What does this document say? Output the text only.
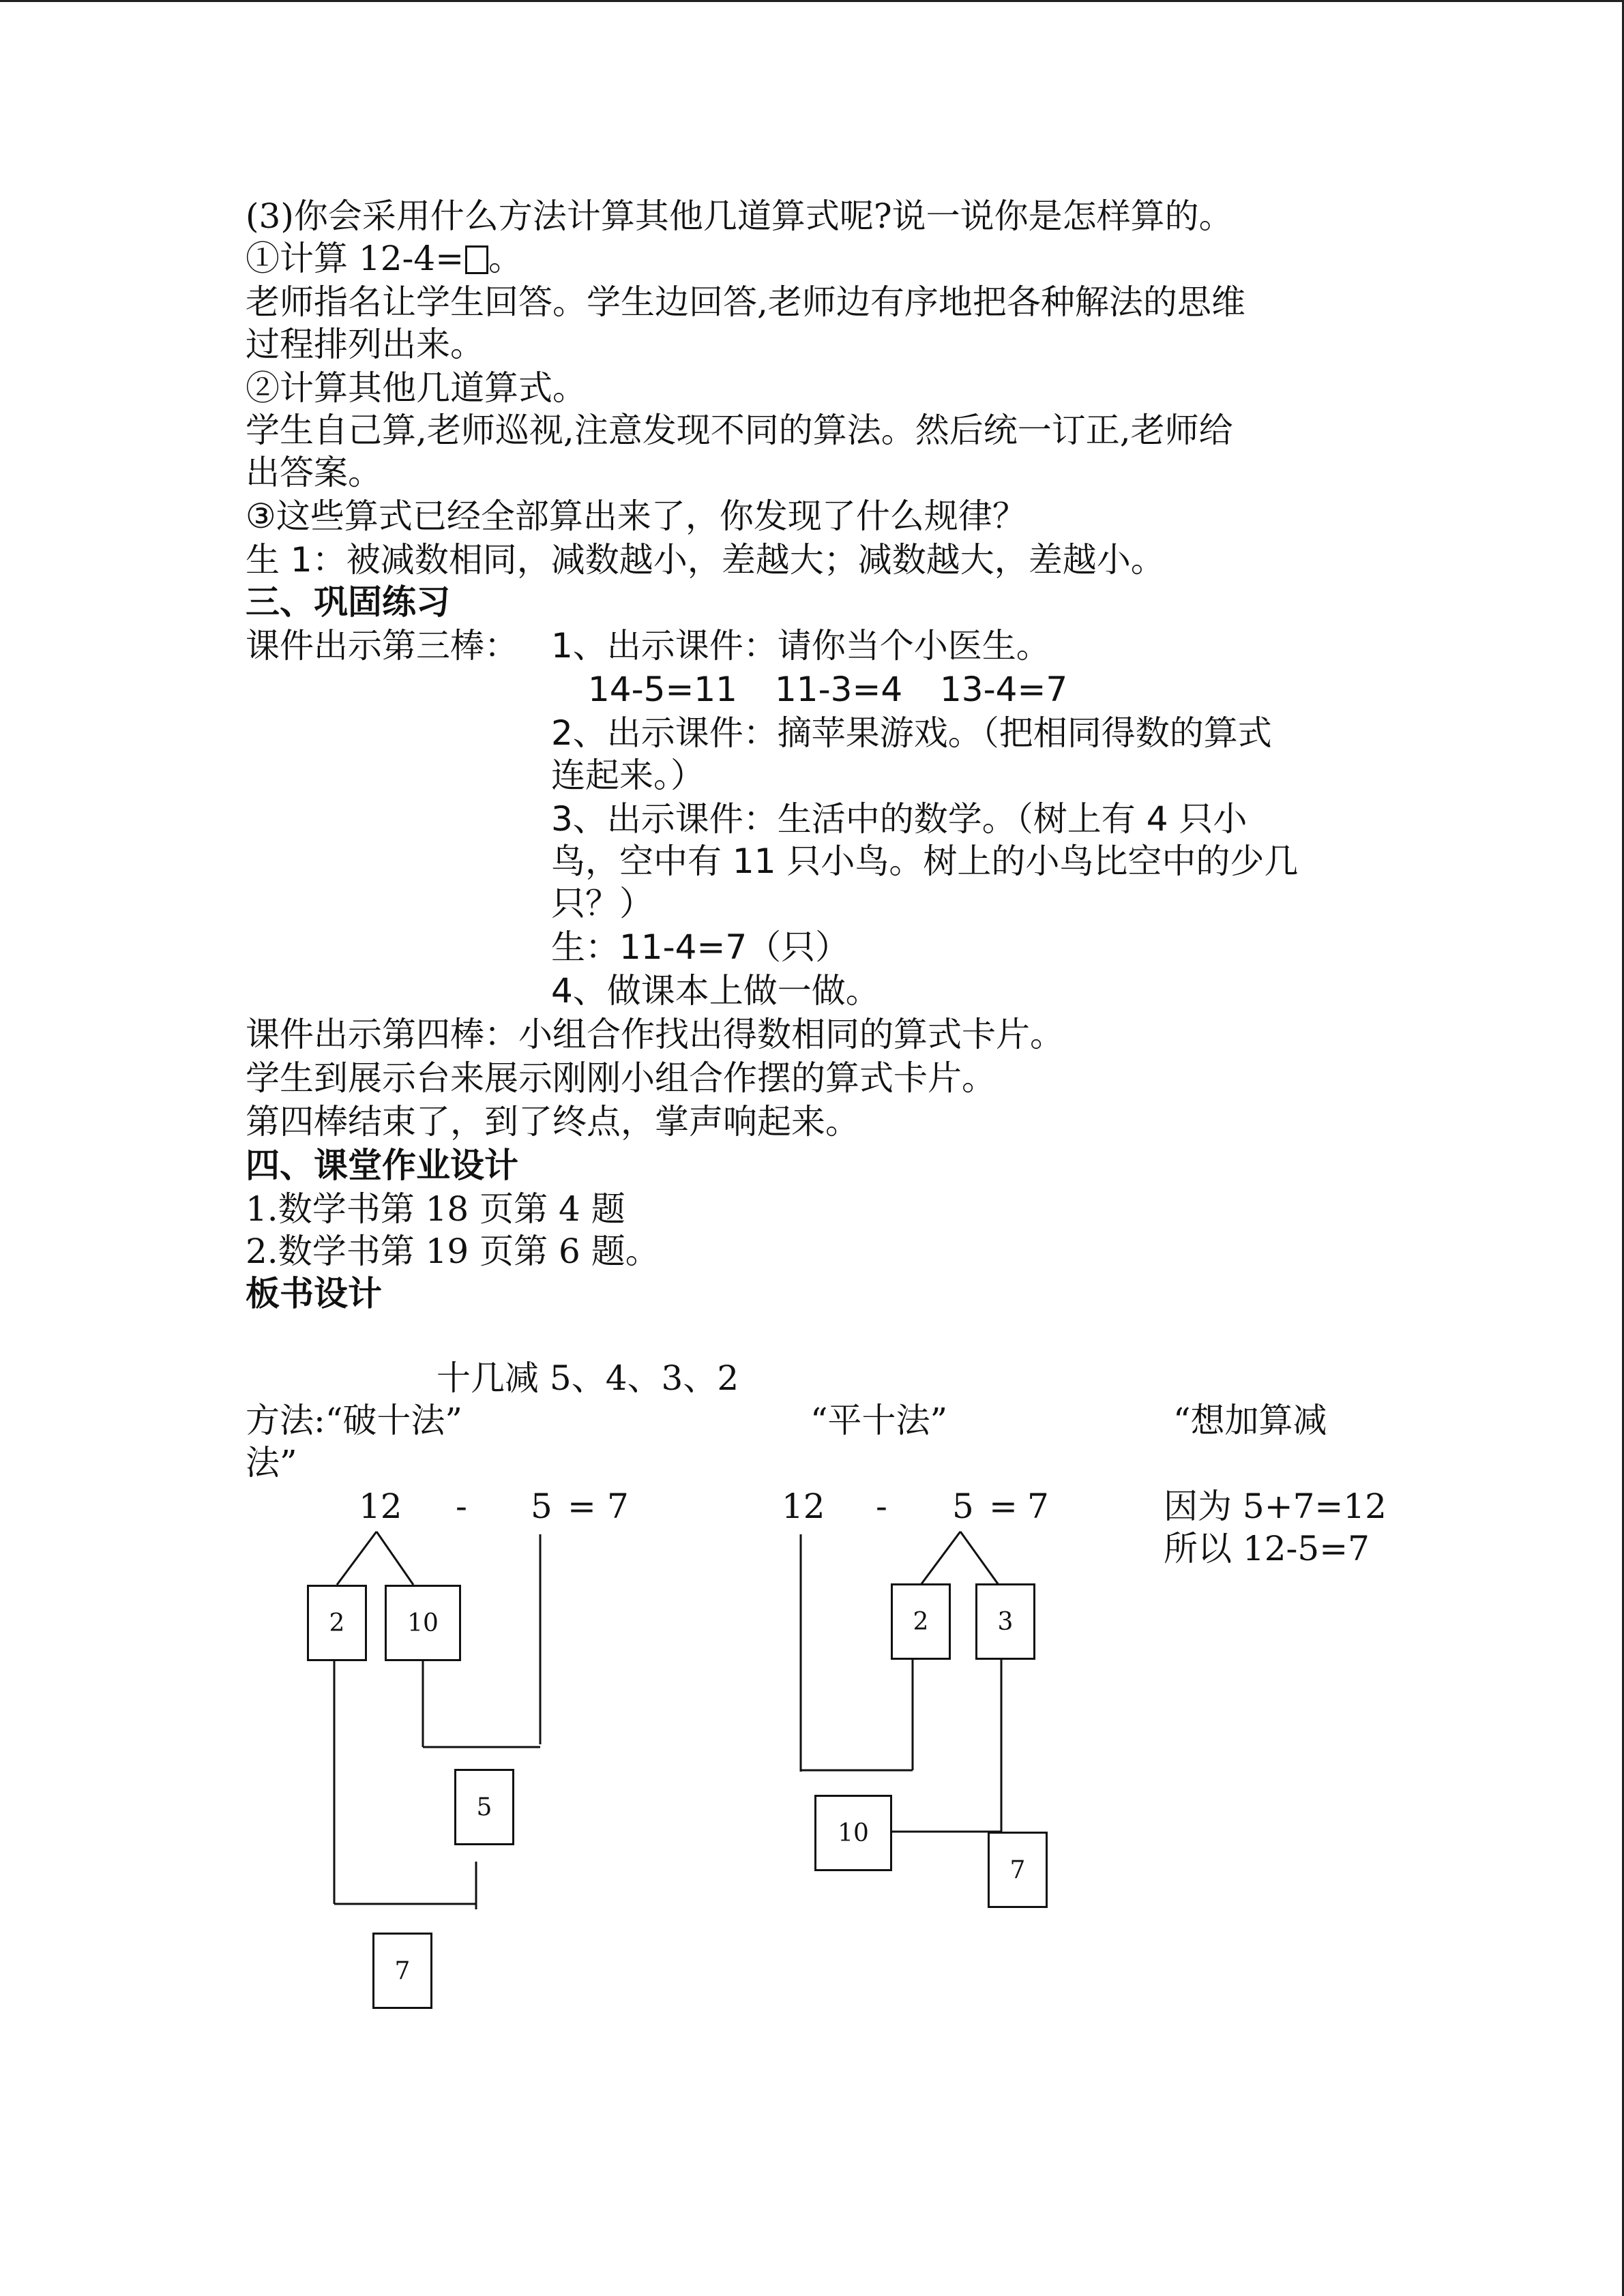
(3)你会采用什么方法计算其他几道算式呢?说一说你是怎样算的。
①计算 12-4= 。
老师指名让学生回答。学生边回答,老师边有序地把各种解法的思维
过程排列出来。
②计算其他几道算式。
学生自己算,老师巡视,注意发现不同的算法。然后统一订正,老师给
出答案。
③这些算式已经全部算出来了，你发现了什么规律？
生 1：被减数相同，减数越小，差越大；减数越大，差越小。
三、巩固练习
课件出示第三棒： 1、出示课件：请你当个小医生。
14-5=11 11-3=4 13-4=7
2、出示课件：摘苹果游戏。（把相同得数的算式
连起来。）
3、出示课件：生活中的数学。（树上有 4 只小
鸟，空中有 11 只小鸟。树上的小鸟比空中的少几
只？）
生：11-4=7（只）
4、做课本上做一做。
课件出示第四棒：小组合作找出得数相同的算式卡片。
学生到展示台来展示刚刚小组合作摆的算式卡片。
第四棒结束了，到了终点，掌声响起来。
四、课堂作业设计
1.数学书第 18 页第 4 题
2.数学书第 19 页第 6 题。
板书设计
十几减 5、4、3、2
方法:“破十法”	“平十法”	“想加算减
法”
12 - 5 = 7	12 - 5 = 7	因为 5+7=12
所以 12-5=7
2	10
5
7
2	3
10
7
